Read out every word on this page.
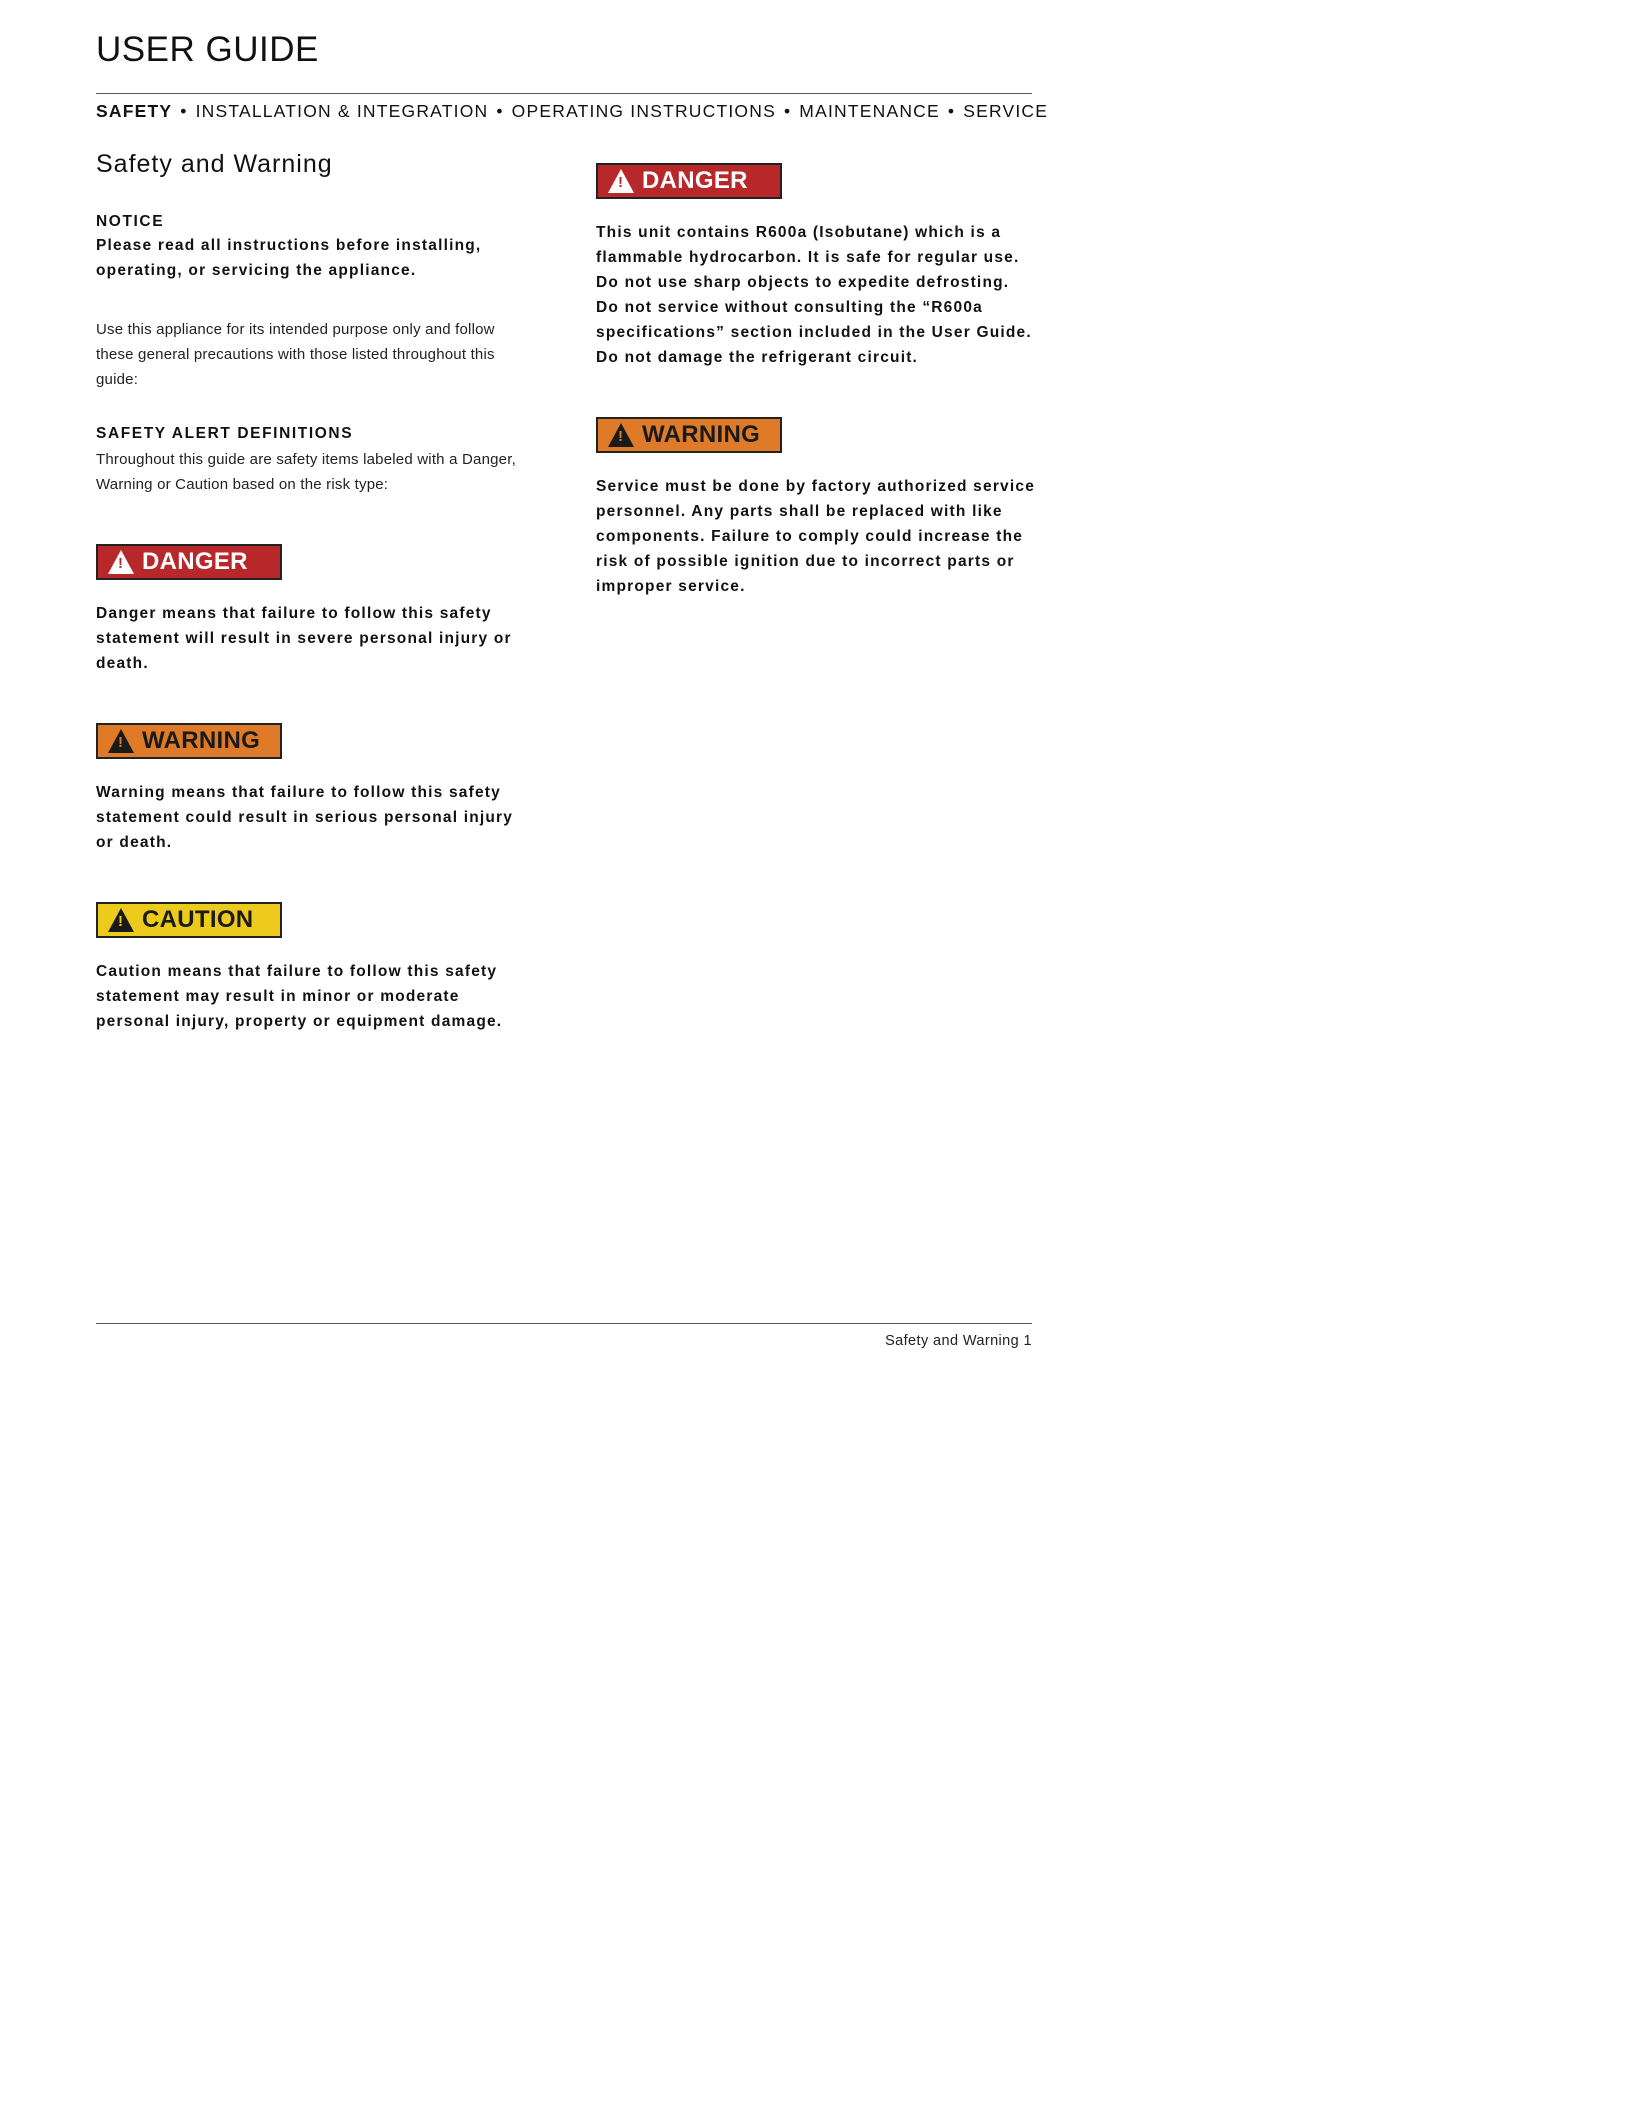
USER GUIDE
SAFETY • INSTALLATION & INTEGRATION • OPERATING INSTRUCTIONS • MAINTENANCE • SERVICE
Safety and Warning
NOTICE
Please read all instructions before installing, operating, or servicing the appliance.
Use this appliance for its intended purpose only and follow these general precautions with those listed throughout this guide:
SAFETY ALERT DEFINITIONS
Throughout this guide are safety items labeled with a Danger, Warning or Caution based on the risk type:
! DANGER
Danger means that failure to follow this safety statement will result in severe personal injury or death.
! WARNING
Warning means that failure to follow this safety statement could result in serious personal injury or death.
! CAUTION
Caution means that failure to follow this safety statement may result in minor or moderate personal injury, property or equipment damage.
! DANGER
This unit contains R600a (Isobutane) which is a flammable hydrocarbon. It is safe for regular use. Do not use sharp objects to expedite defrosting. Do not service without consulting the “R600a specifications” section included in the User Guide. Do not damage the refrigerant circuit.
! WARNING
Service must be done by factory authorized service personnel. Any parts shall be replaced with like components. Failure to comply could increase the risk of possible ignition due to incorrect parts or improper service.
Safety and Warning 1
